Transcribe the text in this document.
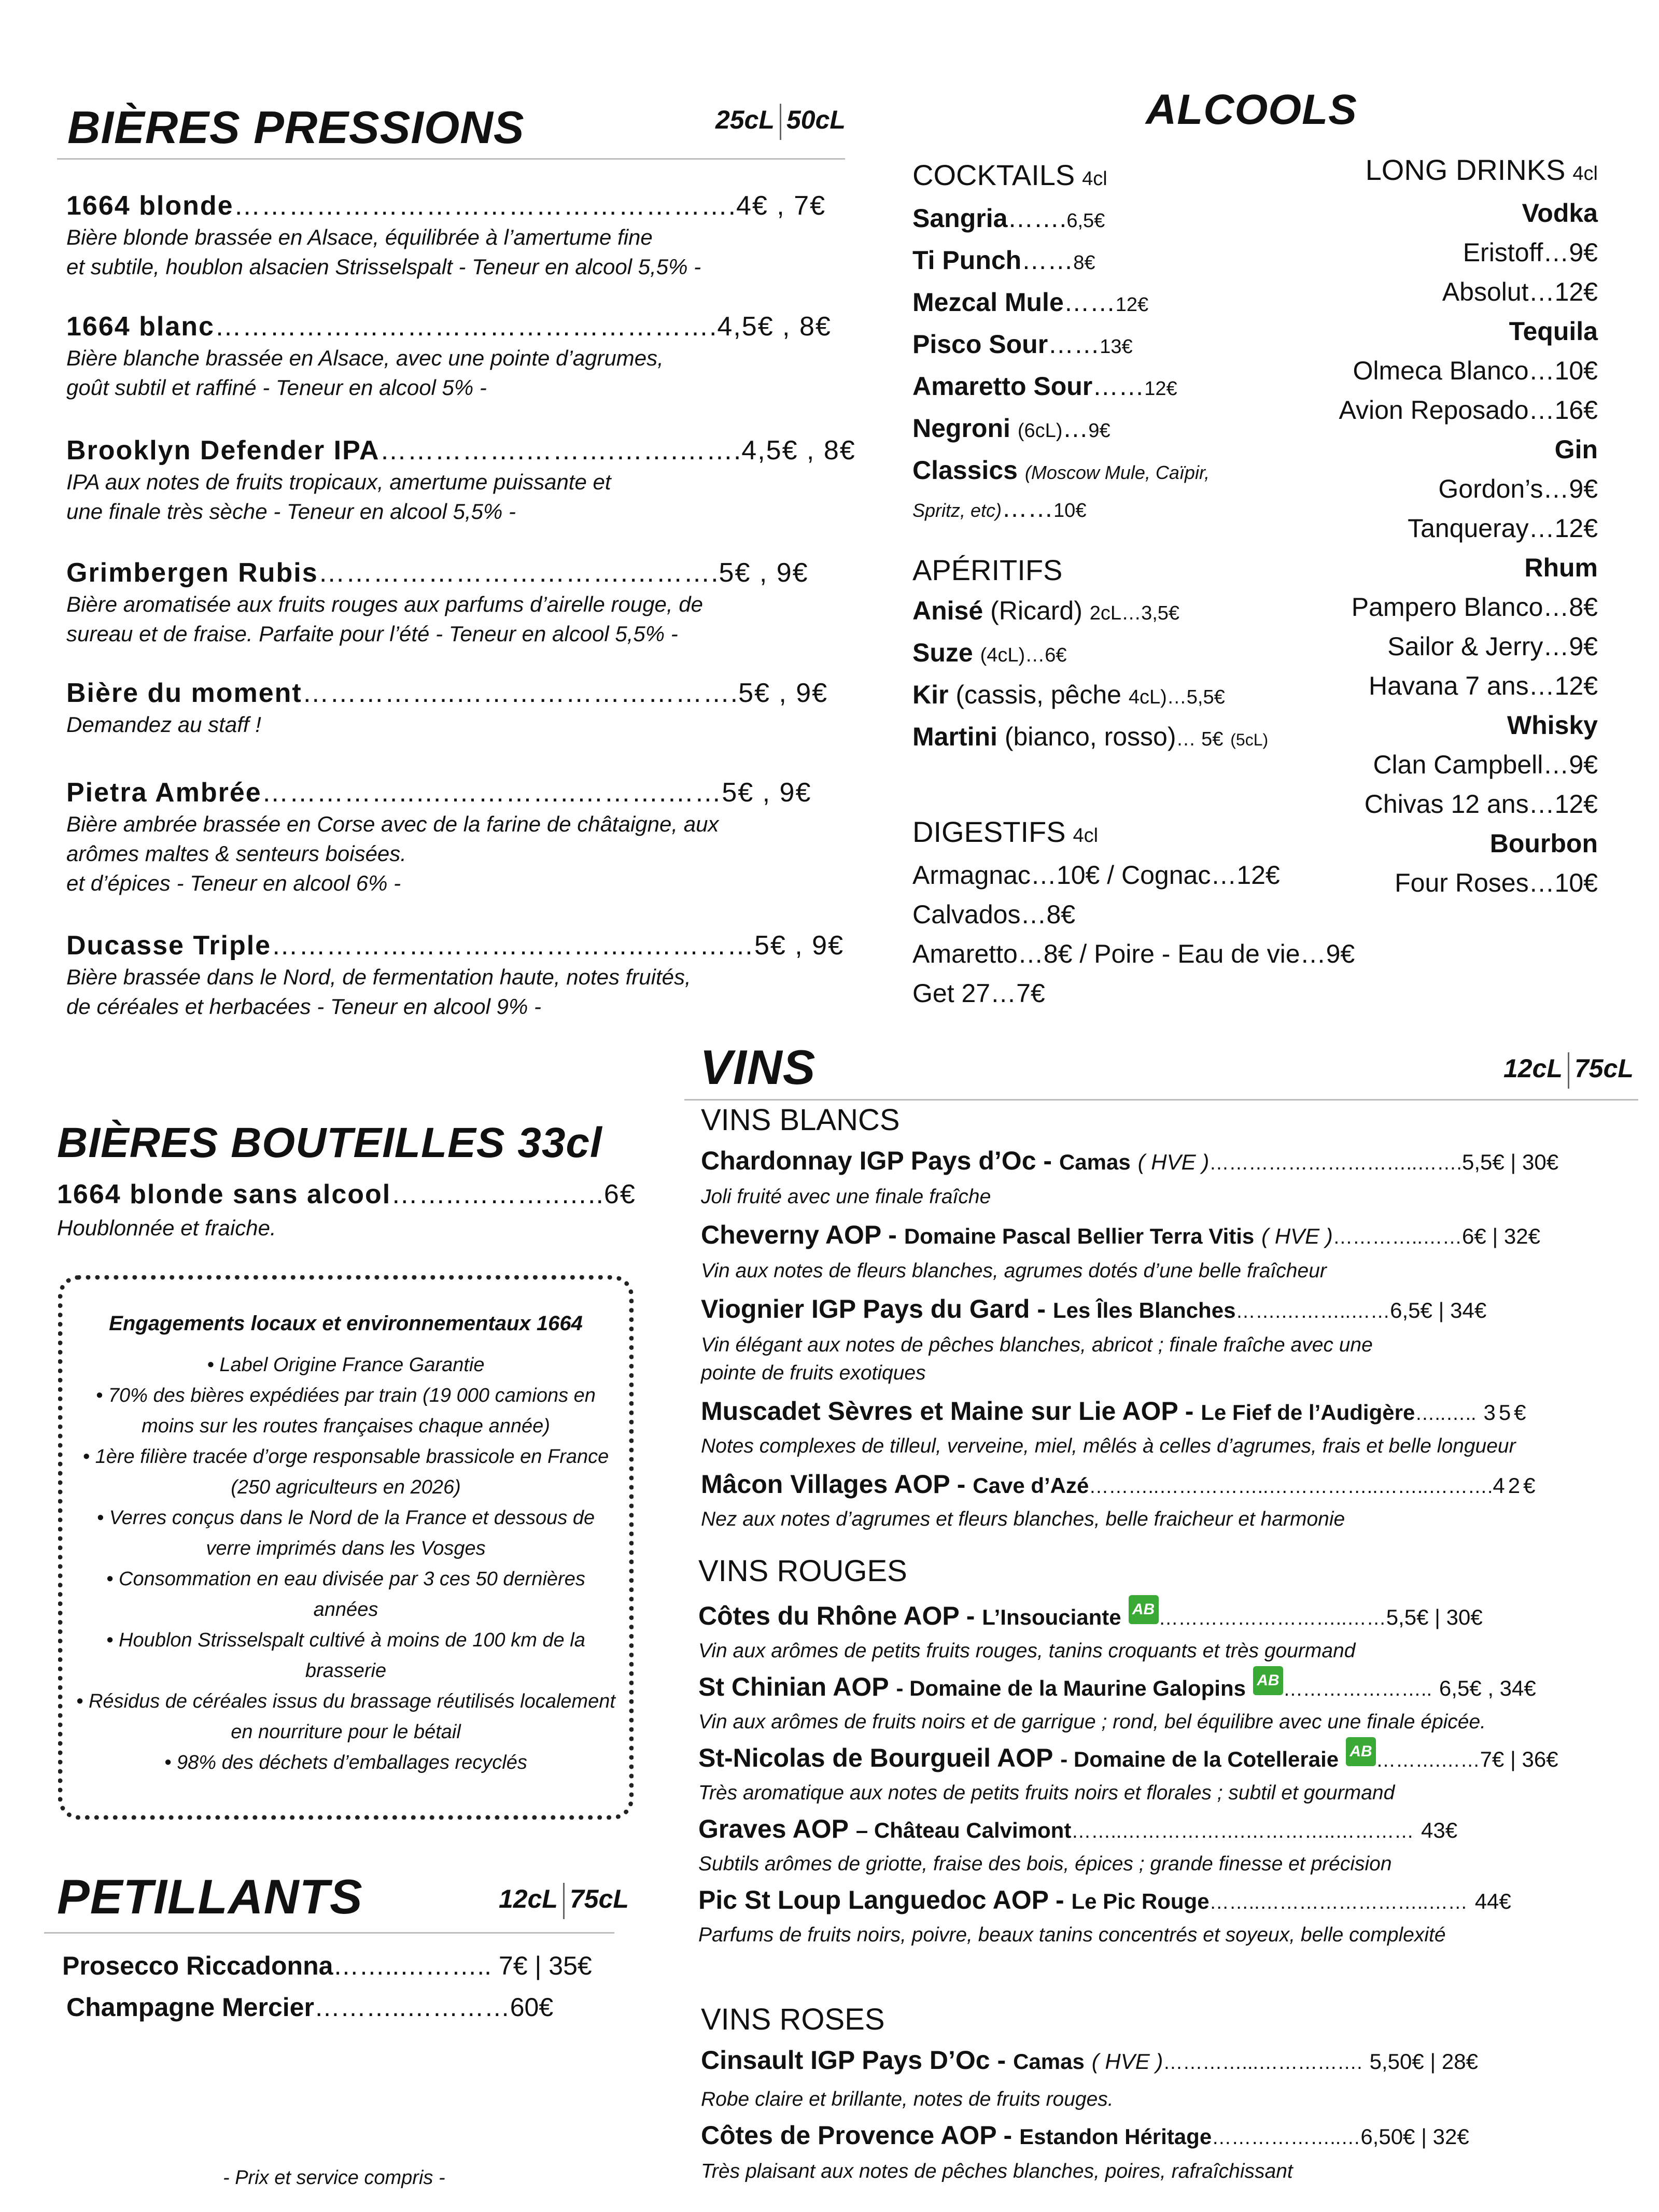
BIÈRES PRESSIONS	25cL 50cL
1664 blonde……………………………………………….4€ , 7€
Bière blonde brassée en Alsace, équilibrée à l’amertume fine
et subtile, houblon alsacien Strisselspalt - Teneur en alcool 5,5% -
1664 blanc……………………………………………….4,5€ , 8€
Bière blanche brassée en Alsace, avec une pointe d’agrumes,
goût subtil et raffiné - Teneur en alcool 5% -
Brooklyn Defender IPA…………….……….…….…….4,5€ , 8€
IPA aux notes de fruits tropicaux, amertume puissante et
une finale très sèche - Teneur en alcool 5,5% -
Grimbergen Rubis…………………………….……….5€ , 9€
Bière aromatisée aux fruits rouges aux parfums d’airelle rouge, de
sureau et de fraise. Parfaite pour l’été - Teneur en alcool 5,5% -
Bière du moment……………..………………………….5€ , 9€
Demandez au staff !
Pietra Ambrée……………..….…………..……….……5€ , 9€
Bière ambrée brassée en Corse avec de la farine de châtaigne, aux
arômes maltes & senteurs boisées.
et d’épices - Teneur en alcool 6% -
Ducasse Triple…………………………………..…………5€ , 9€
Bière brassée dans le Nord, de fermentation haute, notes fruités,
de céréales et herbacées - Teneur en alcool 9% -
BIÈRES BOUTEILLES 33cl
1664 blonde sans alcool……..………..…..6€
Houblonnée et fraiche.
Engagements locaux et environnementaux 1664
• Label Origine France Garantie
• 70% des bières expédiées par train (19 000 camions en moins sur les routes françaises chaque année)
• 1ère filière tracée d’orge responsable brassicole en France (250 agriculteurs en 2026)
• Verres conçus dans le Nord de la France et dessous de verre imprimés dans les Vosges
• Consommation en eau divisée par 3 ces 50 dernières années
• Houblon Strisselspalt cultivé à moins de 100 km de la brasserie
• Résidus de céréales issus du brassage réutilisés localement en nourriture pour le bétail
• 98% des déchets d’emballages recyclés
PETILLANTS	12cL 75cL
Prosecco Riccadonna……..……….. 7€ | 35€
Champagne Mercier………..…………60€
- Prix et service compris -
ALCOOLS
COCKTAILS 4cl
Sangria…….6,5€
Ti Punch……8€
Mezcal Mule……12€
Pisco Sour……13€
Amaretto Sour……12€
Negroni (6cL)…9€
Classics (Moscow Mule, Caïpir,
Spritz, etc)……10€
APÉRITIFS
Anisé (Ricard) 2cL…3,5€
Suze (4cL)…6€
Kir (cassis, pêche 4cL)…5,5€
Martini (bianco, rosso)… 5€ (5cL)
DIGESTIFS 4cl
Armagnac…10€ / Cognac…12€
Calvados…8€
Amaretto…8€ / Poire - Eau de vie…9€
Get 27…7€
LONG DRINKS 4cl
Vodka
Eristoff…9€
Absolut…12€
Tequila
Olmeca Blanco…10€
Avion Reposado…16€
Gin
Gordon’s…9€
Tanqueray…12€
Rhum
Pampero Blanco…8€
Sailor & Jerry…9€
Havana 7 ans…12€
Whisky
Clan Campbell…9€
Chivas 12 ans…12€
Bourbon
Four Roses…10€
VINS	12cL 75cL
VINS BLANCS
Chardonnay IGP Pays d’Oc - Camas ( HVE )…………………………..…….5,5€ | 30€
Joli fruité avec une finale fraîche
Cheverny AOP - Domaine Pascal Bellier Terra Vitis ( HVE )…………..……6€ | 32€
Vin aux notes de fleurs blanches, agrumes dotés d’une belle fraîcheur
Viognier IGP Pays du Gard - Les Îles Blanches…….………..……6,5€ | 34€
Vin élégant aux notes de pêches blanches, abricot ; finale fraîche avec une
pointe de fruits exotiques
Muscadet Sèvres et Maine sur Lie AOP - Le Fief de l’Audigère…..….. 35€
Notes complexes de tilleul, verveine, miel, mêlés à celles d’agrumes, frais et belle longueur
Mâcon Villages AOP - Cave d’Azé………..……………..……………..……..……….42€
Nez aux notes d’agrumes et fleurs blanches, belle fraicheur et harmonie
VINS ROUGES
Côtes du Rhône AOP - L’Insouciante AB ………………………..……5,5€ | 30€
Vin aux arômes de petits fruits rouges, tanins croquants et très gourmand
St Chinian AOP - Domaine de la Maurine Galopins AB ………………….. 6,5€ , 34€
Vin aux arômes de fruits noirs et de garrigue ; rond, bel équilibre avec une finale épicée.
St-Nicolas de Bourgueil AOP - Domaine de la Cotelleraie AB ……….……7€ | 36€
Très aromatique aux notes de petits fruits noirs et florales ; subtil et gourmand
Graves AOP – Château Calvimont……..……………….…………..………… 43€
Subtils arômes de griotte, fraise des bois, épices ; grande finesse et précision
Pic St Loup Languedoc AOP - Le Pic Rouge……..……………………..…… 44€
Parfums de fruits noirs, poivre, beaux tanins concentrés et soyeux, belle complexité
VINS ROSES
Cinsault IGP Pays D’Oc - Camas ( HVE )…………...……………. 5,50€ | 28€
Robe claire et brillante, notes de fruits rouges.
Côtes de Provence AOP - Estandon Héritage………………..…6,50€ | 32€
Très plaisant aux notes de pêches blanches, poires, rafraîchissant
